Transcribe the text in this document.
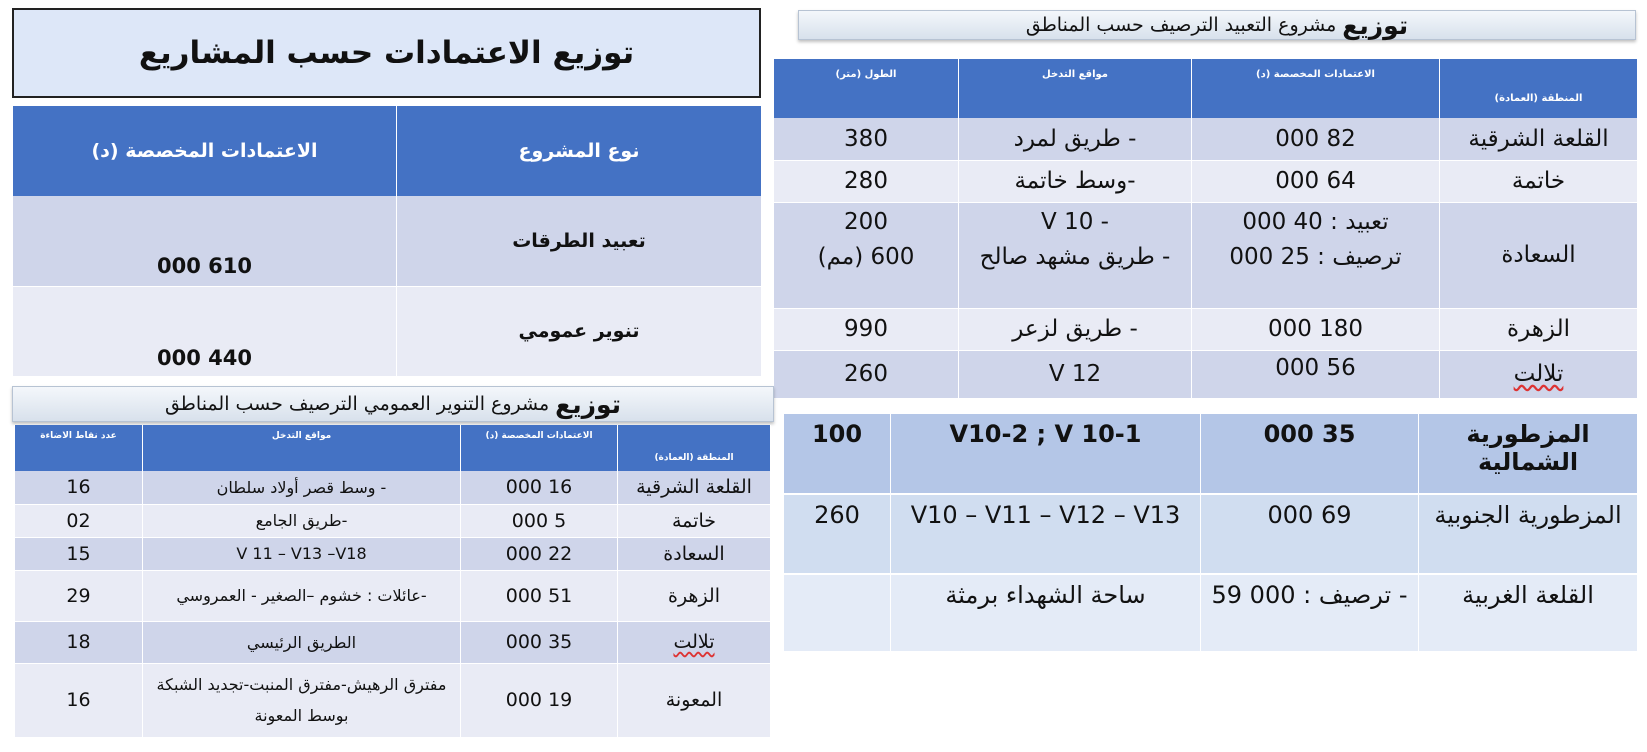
توزيع الاعتمادات حسب المشاريع
نوع المشروع	الاعتمادات المخصصة (د)
تعبيد الطرقات	610 000
تنوير عمومي	440 000
توزيع
مشروع التعبيد الترصيف حسب المناطق
المنطقة (العمادة)	الاعتمادات المخصصة (د)	مواقع التدخل	الطول (متر)
القلعة الشرقية	82 000	- طريق لمرد	380
خاتمة	64 000	-وسط خاتمة	280
السعادة	تعبيد : 40 000	- V 10	200
	ترصيف : 25 000	- طريق مشهد صالح	600 (مم)
الزهرة	180 000	- طريق لزعر	990
تلالت	56 000	V 12	260
المزطورية الشمالية	35 000	V10-2 ; V 10-1	100
المزطورية الجنوبية	69 000	V10 – V11 – V12 – V13	260
القلعة الغربية	- ترصيف : 000 59	ساحة الشهداء برمثة	
توزيع
مشروع التنوير العمومي الترصيف حسب المناطق
المنطقة (العمادة)	الاعتمادات المخصصة (د)	مواقع التدخل	عدد نقاط الاضاءة
القلعة الشرقية	16 000	- وسط قصر أولاد سلطان	16
خاتمة	5 000	-طريق الجامع	02
السعادة	22 000	V 11 – V13 –V18	15
الزهرة	51 000	-عائلات : خشوم –الصغير - العمروسي	29
تلالت	35 000	الطريق الرئيسي	18
المعونة	19 000	مفترق الرهيش-مفترق المنبت-تجديد الشبكة بوسط المعونة	16
